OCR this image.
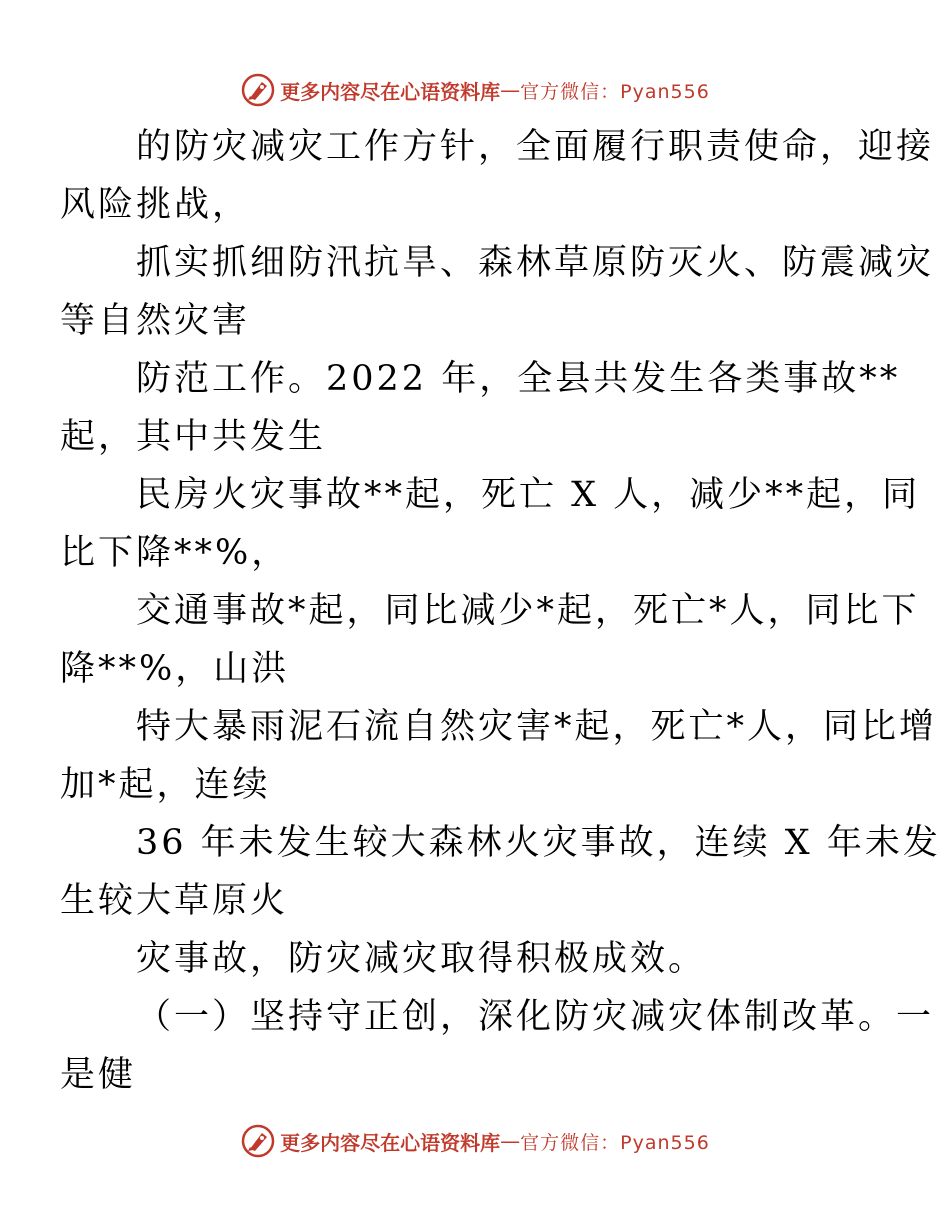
更多内容尽在心语资料库 — 官方微信：Pyan556

的防灾减灾工作方针，全面履行职责使命，迎接
风险挑战，

抓实抓细防汛抗旱、森林草原防灭火、防震减灾
等自然灾害

防范工作。2022 年，全县共发生各类事故**
起，其中共发生

民房火灾事故**起，死亡 X 人，减少**起，同
比下降**%，

交通事故*起，同比减少*起，死亡*人，同比下
降**%，山洪

特大暴雨泥石流自然灾害*起，死亡*人，同比增
加*起，连续

36 年未发生较大森林火灾事故，连续 X 年未发
生较大草原火

灾事故，防灾减灾取得积极成效。

（一）坚持守正创，深化防灾减灾体制改革。一
是健

更多内容尽在心语资料库 — 官方微信：Pyan556
